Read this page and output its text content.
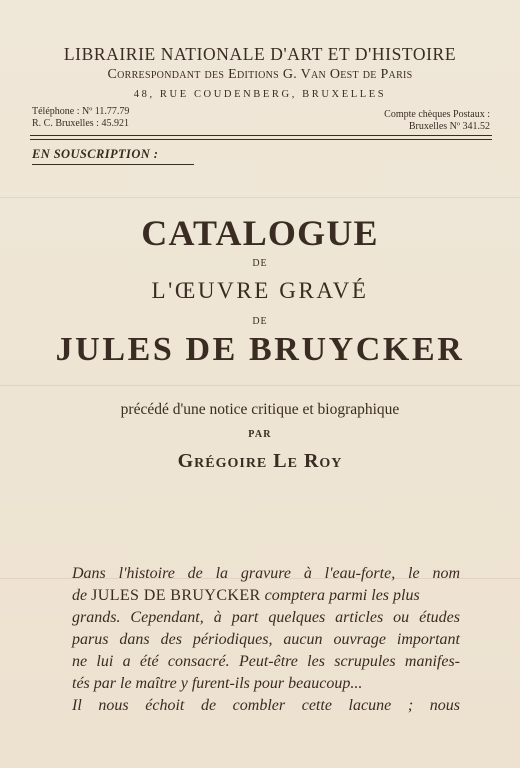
LIBRAIRIE NATIONALE D'ART ET D'HISTOIRE
Correspondant des Editions G. Van Oest de Paris
48, RUE COUDENBERG, BRUXELLES
Téléphone : Nº 11.77.79
R. C. Bruxelles : 45.921
Compte chèques Postaux :
Bruxelles Nº 341.52
EN SOUSCRIPTION :
CATALOGUE
DE
L'ŒUVRE GRAVÉ
DE
JULES DE BRUYCKER
précédé d'une notice critique et biographique
PAR
Grégoire Le Roy
Dans l'histoire de la gravure à l'eau-forte, le nom
de JULES DE BRUYCKER comptera parmi les plus
grands. Cependant, à part quelques articles ou études
parus dans des périodiques, aucun ouvrage important
ne lui a été consacré. Peut-être les scrupules manifes-
tés par le maître y furent-ils pour beaucoup...
Il nous échoit de combler cette lacune ; nous
